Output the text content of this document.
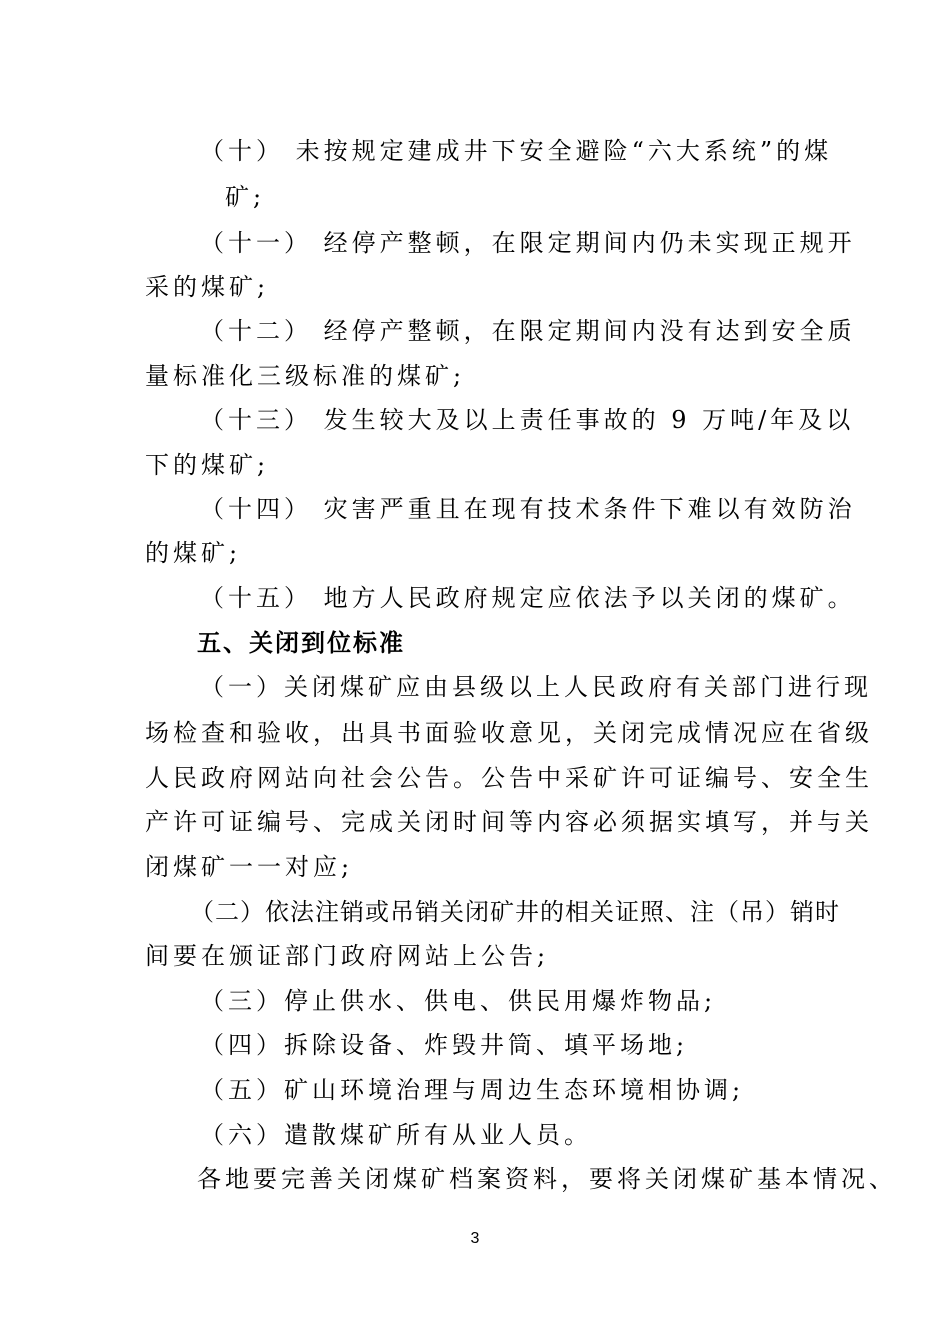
（十） 未按规定建成井下安全避险“六大系统”的煤
矿;
（十一） 经停产整顿，在限定期间内仍未实现正规开
采的煤矿;
（十二） 经停产整顿，在限定期间内没有达到安全质
量标准化三级标准的煤矿;
（十三） 发生较大及以上责任事故的 9 万吨/年及以
下的煤矿;
（十四） 灾害严重且在现有技术条件下难以有效防治
的煤矿;
（十五） 地方人民政府规定应依法予以关闭的煤矿。
五、关闭到位标准
（一）关闭煤矿应由县级以上人民政府有关部门进行现
场检查和验收，出具书面验收意见，关闭完成情况应在省级
人民政府网站向社会公告。公告中采矿许可证编号、安全生
产许可证编号、完成关闭时间等内容必须据实填写，并与关
闭煤矿一一对应;
（二）依法注销或吊销关闭矿井的相关证照、注（吊）销时
间要在颁证部门政府网站上公告;
（三）停止供水、供电、供民用爆炸物品;
（四）拆除设备、炸毁井筒、填平场地;
（五）矿山环境治理与周边生态环境相协调;
（六）遣散煤矿所有从业人员。
各地要完善关闭煤矿档案资料，要将关闭煤矿基本情况、
3
